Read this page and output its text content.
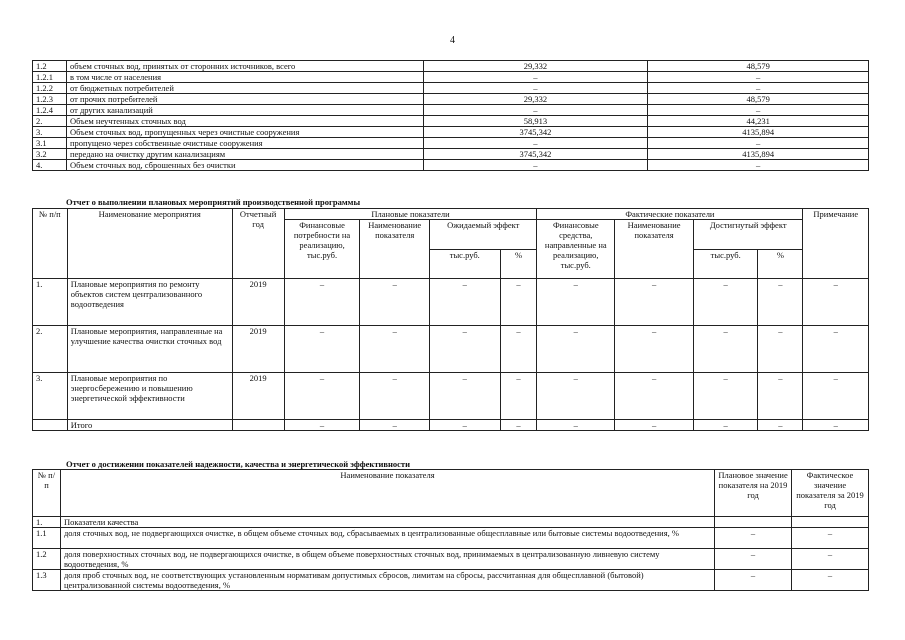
4
1.2	объем сточных вод, принятых от сторонних источников, всего	29,332	48,579
1.2.1	в том числе от населения	–	–
1.2.2	от бюджетных потребителей	–	–
1.2.3	от прочих потребителей	29,332	48,579
1.2.4	от других канализаций	–	–
2.	Объем неучтенных сточных вод	58,913	44,231
3.	Объем сточных вод, пропущенных через очистные сооружения	3745,342	4135,894
3.1	пропущено через собственные очистные сооружения	–	–
3.2	передано на очистку другим канализациям	3745,342	4135,894
4.	Объем сточных вод, сброшенных без очистки	–	–
Отчет о выполнении плановых мероприятий производственной программы
№ п/п	Наименование мероприятия	Отчетный год	Плановые показатели				Фактические показатели				Примечание
			Финансовые потребности на реализацию, тыс.руб.	Наименование показателя	Ожидаемый эффект		Финансовые средства, направленные на реализацию, тыс.руб.	Наименование показателя	Достигнутый эффект		
					тыс.руб.	%			тыс.руб.	%	
1.	Плановые мероприятия по ремонту объектов систем централизованного водоотведения	2019	–	–	–	–	–	–	–	–	–
2.	Плановые мероприятия, направленные на улучшение качества очистки сточных вод	2019	–	–	–	–	–	–	–	–	–
3.	Плановые мероприятия по энергосбережению и повышению энергетической эффективности	2019	–	–	–	–	–	–	–	–	–
	Итого		–	–	–	–	–	–	–	–	–
Отчет о достижении показателей надежности, качества и энергетической эффективности
№ п/п	Наименование показателя	Плановое значение показателя на 2019 год	Фактическое значение показателя за 2019 год
1.	Показатели качества		
1.1	доля сточных вод, не подвергающихся очистке, в общем объеме сточных вод, сбрасываемых в централизованные общесплавные или бытовые системы водоотведения, %	–	–
1.2	доля поверхностных сточных вод, не подвергающихся очистке, в общем объеме поверхностных сточных вод, принимаемых в централизованную ливневую систему водоотведения, %	–	–
1.3	доля проб сточных вод, не соответствующих установленным нормативам допустимых сбросов, лимитам на сбросы, рассчитанная для общесплавной (бытовой) централизованной системы водоотведения, %	–	–
